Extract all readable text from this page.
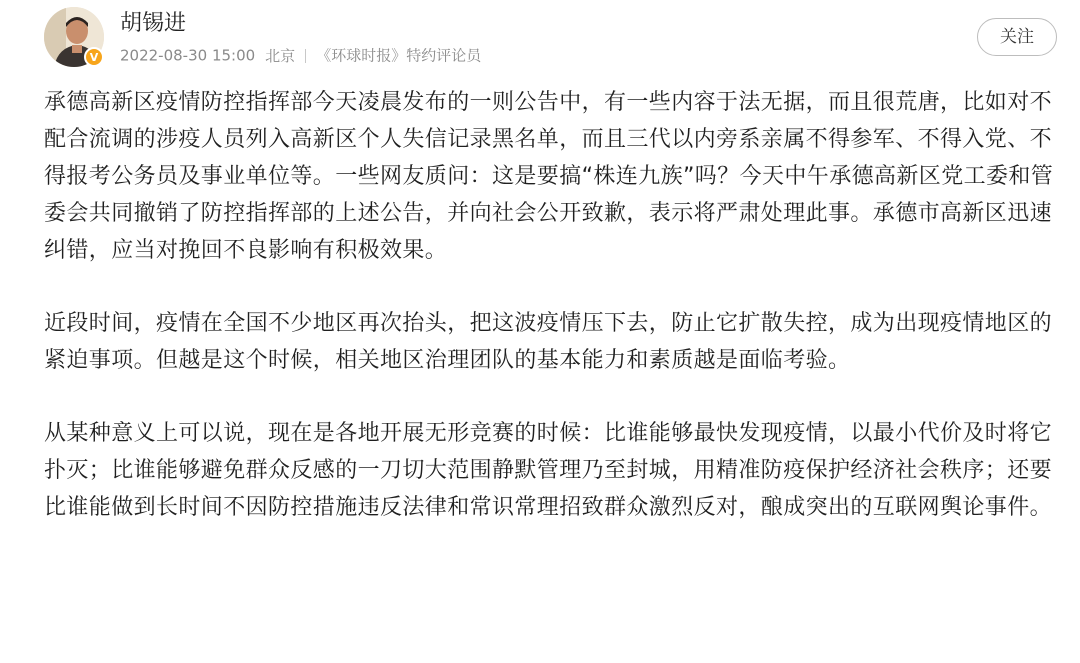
V
胡锡进
2022-08-30 15:00 北京 《环球时报》特约评论员
关注

承德高新区疫情防控指挥部今天凌晨发布的一则公告中，有一些内容于法无据，而且很荒唐，比如对不配合流调的涉疫人员列入高新区个人失信记录黑名单，而且三代以内旁系亲属不得参军、不得入党、不得报考公务员及事业单位等。一些网友质问：这是要搞“株连九族”吗？今天中午承德高新区党工委和管委会共同撤销了防控指挥部的上述公告，并向社会公开致歉，表示将严肃处理此事。承德市高新区迅速纠错，应当对挽回不良影响有积极效果。

近段时间，疫情在全国不少地区再次抬头，把这波疫情压下去，防止它扩散失控，成为出现疫情地区的紧迫事项。但越是这个时候，相关地区治理团队的基本能力和素质越是面临考验。

从某种意义上可以说，现在是各地开展无形竞赛的时候：比谁能够最快发现疫情，以最小代价及时将它扑灭；比谁能够避免群众反感的一刀切大范围静默管理乃至封城，用精准防疫保护经济社会秩序；还要比谁能做到长时间不因防控措施违反法律和常识常理招致群众激烈反对，酿成突出的互联网舆论事件。
